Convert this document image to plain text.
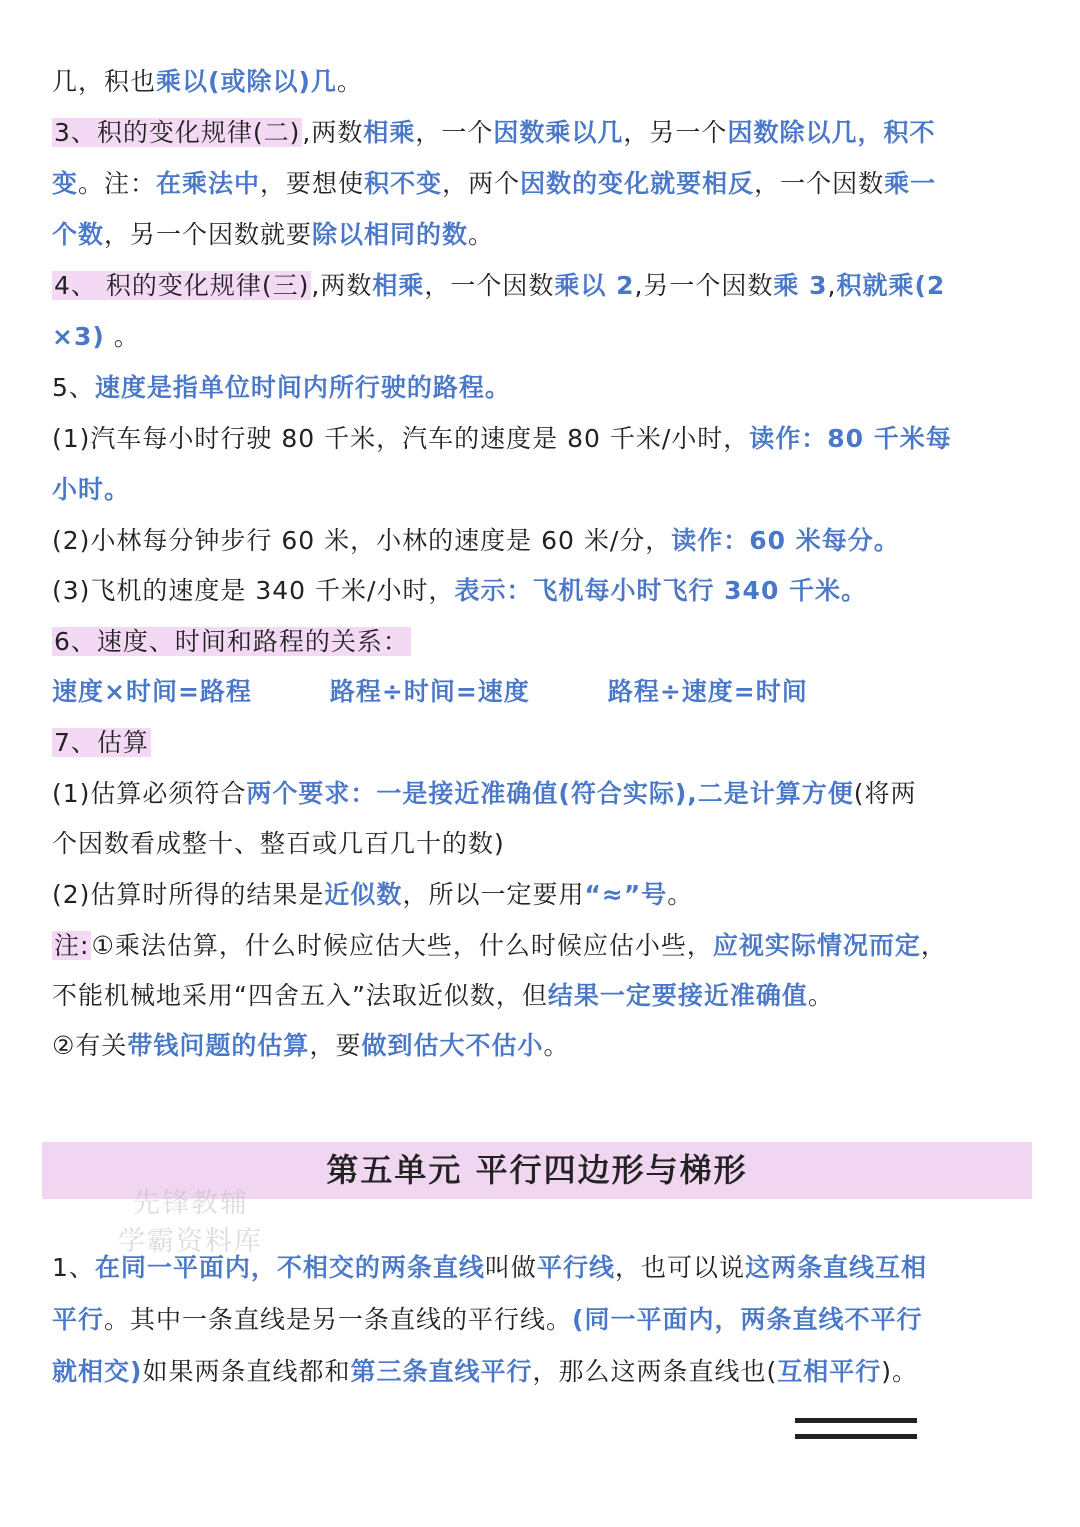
几，积也乘以(或除以)几。
3、积的变化规律(二),两数相乘，一个因数乘以几，另一个因数除以几，积不
变。注：在乘法中，要想使积不变，两个因数的变化就要相反，一个因数乘一
个数，另一个因数就要除以相同的数。
4、 积的变化规律(三),两数相乘，一个因数乘以 2,另一个因数乘 3,积就乘(2
×3) 。
5、速度是指单位时间内所行驶的路程。
(1)汽车每小时行驶 80 千米，汽车的速度是 80 千米/小时，读作：80 千米每
小时。
(2)小林每分钟步行 60 米，小林的速度是 60 米/分，读作：60 米每分。
(3)飞机的速度是 340 千米/小时，表示：飞机每小时飞行 340 千米。
6、速度、时间和路程的关系：
速度×时间=路程	路程÷时间=速度	路程÷速度=时间
7、估算
(1)估算必须符合两个要求：一是接近准确值(符合实际),二是计算方便(将两
个因数看成整十、整百或几百几十的数)
(2)估算时所得的结果是近似数，所以一定要用“≈”号。
注:①乘法估算，什么时候应估大些，什么时候应估小些，应视实际情况而定，
不能机械地采用“四舍五入”法取近似数，但结果一定要接近准确值。
②有关带钱问题的估算，要做到估大不估小。
第五单元 平行四边形与梯形
先锋教辅
学霸资料库
1、在同一平面内，不相交的两条直线叫做平行线，也可以说这两条直线互相
平行。其中一条直线是另一条直线的平行线。(同一平面内，两条直线不平行
就相交)如果两条直线都和第三条直线平行，那么这两条直线也(互相平行)。
